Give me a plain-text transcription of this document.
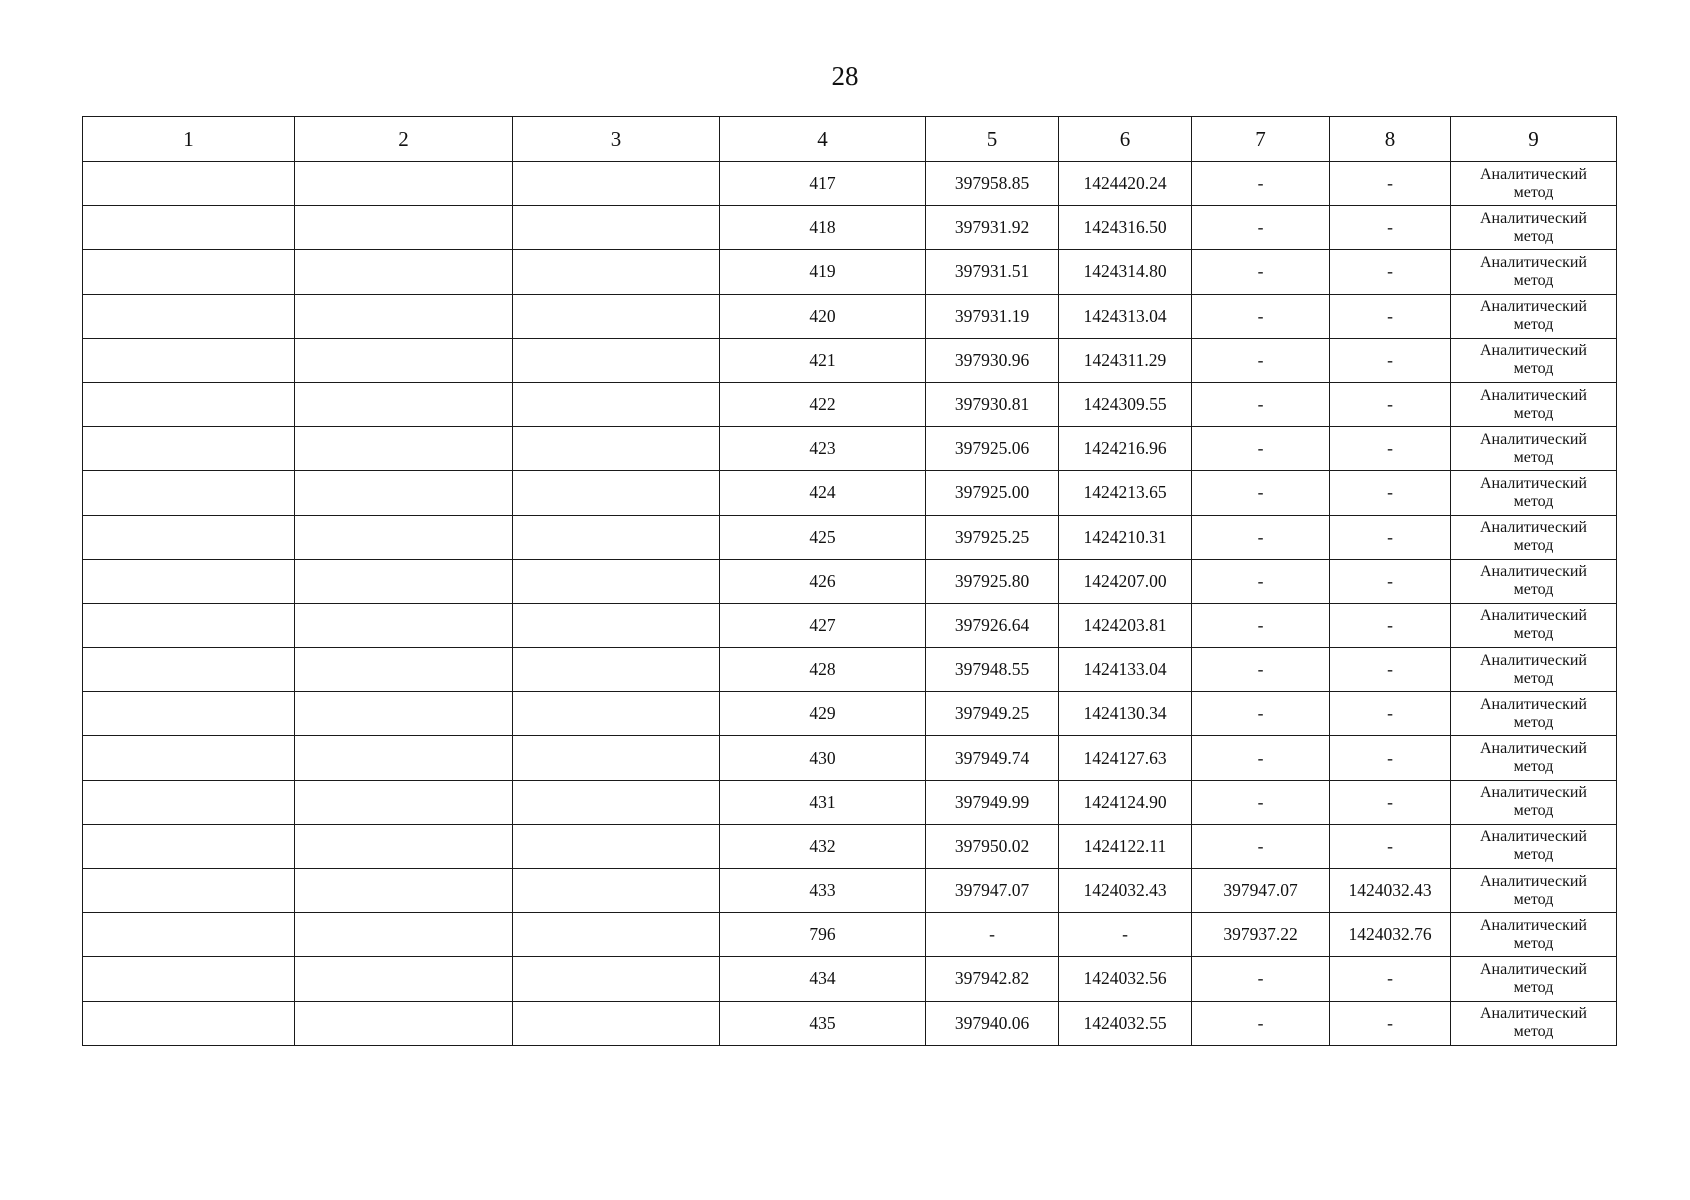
28
1	2	3	4	5	6	7	8	9
			417	397958.85	1424420.24	-	-	Аналитический
метод

			418	397931.92	1424316.50	-	-	Аналитический
метод

			419	397931.51	1424314.80	-	-	Аналитический
метод

			420	397931.19	1424313.04	-	-	Аналитический
метод

			421	397930.96	1424311.29	-	-	Аналитический
метод

			422	397930.81	1424309.55	-	-	Аналитический
метод

			423	397925.06	1424216.96	-	-	Аналитический
метод

			424	397925.00	1424213.65	-	-	Аналитический
метод

			425	397925.25	1424210.31	-	-	Аналитический
метод

			426	397925.80	1424207.00	-	-	Аналитический
метод

			427	397926.64	1424203.81	-	-	Аналитический
метод

			428	397948.55	1424133.04	-	-	Аналитический
метод

			429	397949.25	1424130.34	-	-	Аналитический
метод

			430	397949.74	1424127.63	-	-	Аналитический
метод

			431	397949.99	1424124.90	-	-	Аналитический
метод

			432	397950.02	1424122.11	-	-	Аналитический
метод

			433	397947.07	1424032.43	397947.07	1424032.43	Аналитический
метод

			796	-	-	397937.22	1424032.76	Аналитический
метод

			434	397942.82	1424032.56	-	-	Аналитический
метод

			435	397940.06	1424032.55	-	-	Аналитический
метод
